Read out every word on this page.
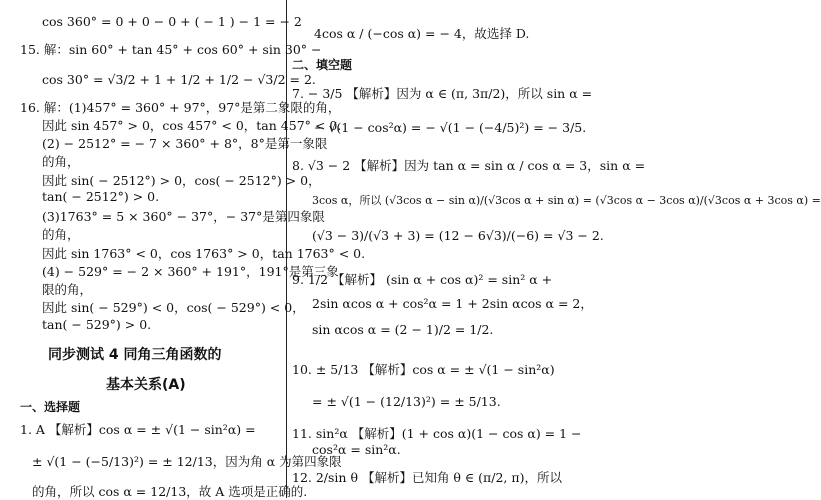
cos 360° = 0 + 0 − 0 + ( − 1 ) − 1 = − 2
15. 解：sin 60° + tan 45° + cos 60° + sin 30° −
cos 30° = √3/2 + 1 + 1/2 + 1/2 − √3/2 = 2.
16. 解：(1)457° = 360° + 97°，97°是第二象限的角，
因此 sin 457° > 0，cos 457° < 0，tan 457° < 0.
(2) − 2512° = − 7 × 360° + 8°，8°是第一象限
的角，
因此 sin( − 2512°) > 0，cos( − 2512°) > 0，
tan( − 2512°) > 0.
(3)1763° = 5 × 360° − 37°，− 37°是第四象限
的角，
因此 sin 1763° < 0，cos 1763° > 0，tan 1763° < 0.
(4) − 529° = − 2 × 360° + 191°，191°是第三象
限的角，
因此 sin( − 529°) < 0，cos( − 529°) < 0，
tan( − 529°) > 0.
同步测试 4 同角三角函数的
基本关系(A)
一、选择题
1. A 【解析】cos α = ± √(1 − sin²α) =
± √(1 − (−5/13)²) = ± 12/13，因为角 α 为第四象限
的角，所以 cos α = 12/13，故 A 选项是正确的.
4cos α / (−cos α) = − 4，故选择 D.
二、填空题
7. − 3/5 【解析】因为 α ∈ (π, 3π/2)，所以 sin α =
− √(1 − cos²α) = − √(1 − (−4/5)²) = − 3/5.
8. √3 − 2 【解析】因为 tan α = sin α / cos α = 3，sin α =
3cos α，所以 (√3cos α − sin α)/(√3cos α + sin α) = (√3cos α − 3cos α)/(√3cos α + 3cos α) =
(√3 − 3)/(√3 + 3) = (12 − 6√3)/(−6) = √3 − 2.
9. 1/2 【解析】 (sin α + cos α)² = sin² α +
2sin αcos α + cos²α = 1 + 2sin αcos α = 2，
sin αcos α = (2 − 1)/2 = 1/2.
10. ± 5/13 【解析】cos α = ± √(1 − sin²α)
= ± √(1 − (12/13)²) = ± 5/13.
11. sin²α 【解析】(1 + cos α)(1 − cos α) = 1 −
cos²α = sin²α.
12. 2/sin θ 【解析】已知角 θ ∈ (π/2, π)，所以
